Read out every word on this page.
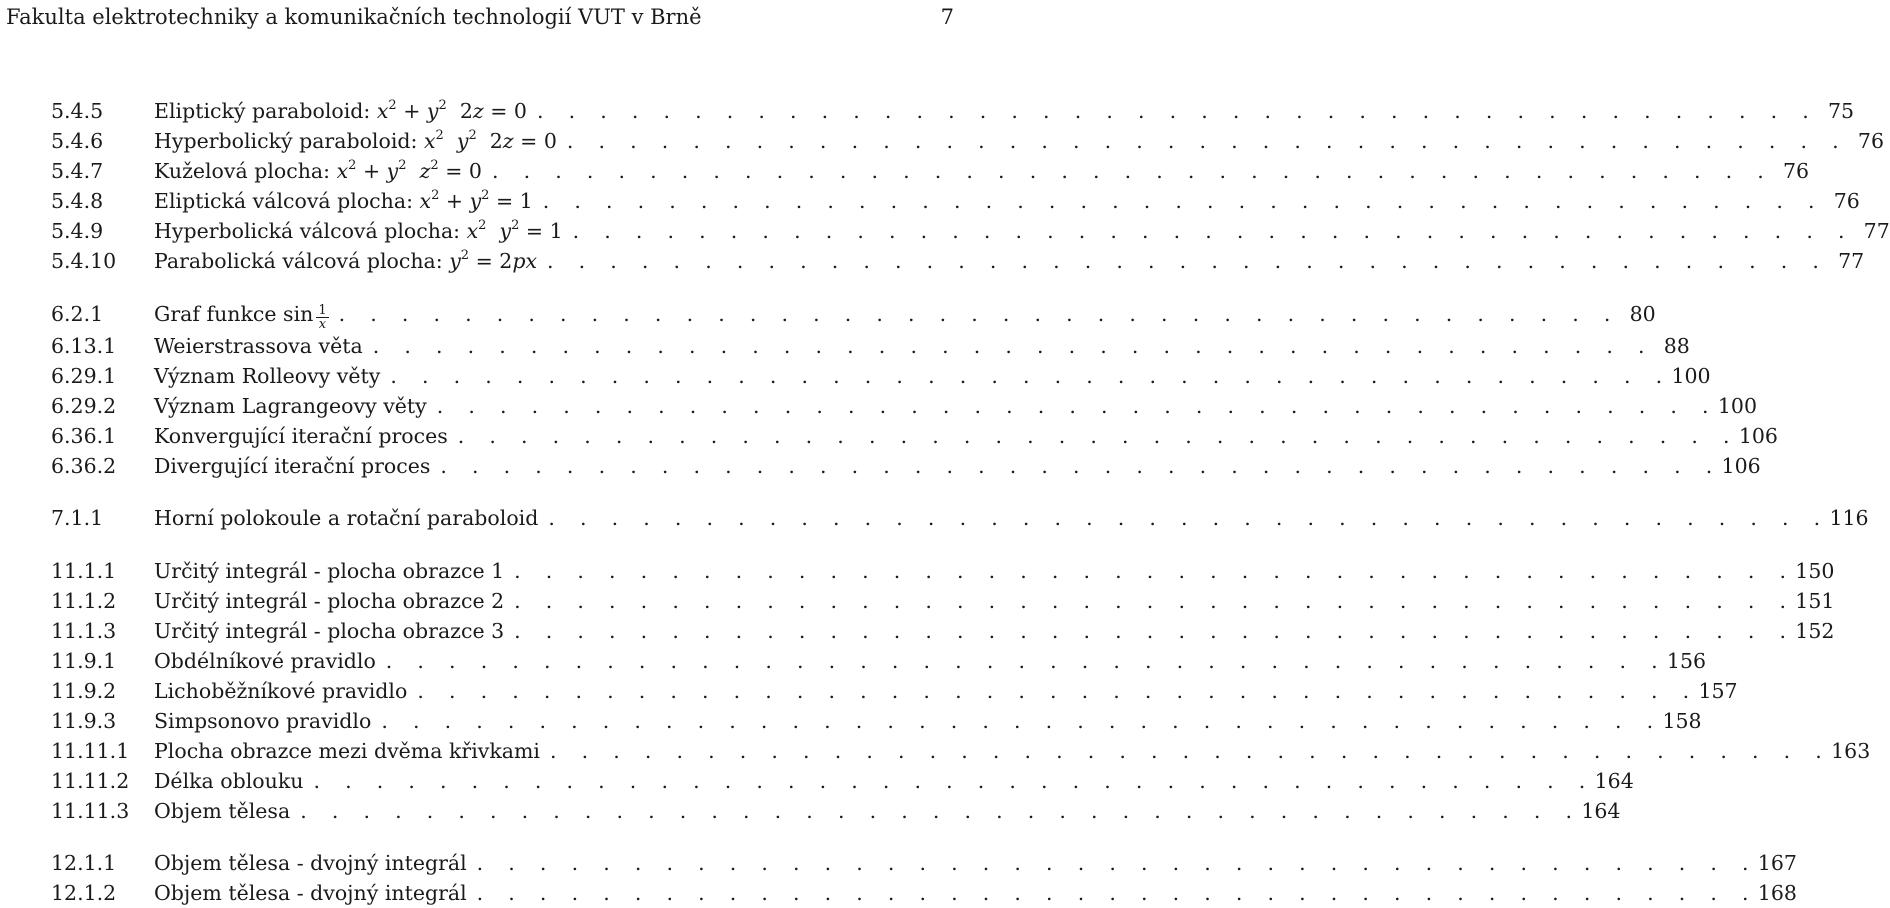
Fakulta elektrotechniky a komunikačních technologií VUT v Brně	7
5.4.5	Eliptický paraboloid: $x^2 + y^2$  2z = 0 . . . . . . . . . . . . . . . . . . . . . . . . . . . . . . . . . . . . . . . . . 75
5.4.6	Hyperbolický paraboloid: $x^2$ $y^2$  2z = 0 . . . . . . . . . . . . . . . . . . . . . . . . . . . . . . . . . . . . . . . . . 76
5.4.7	Kuželová plocha: $x^2 + y^2$ $z^2 = 0$ . . . . . . . . . . . . . . . . . . . . . . . . . . . . . . . . . . . . . . . . . 76
5.4.8	Eliptická válcová plocha: $x^2 + y^2 = 1$ . . . . . . . . . . . . . . . . . . . . . . . . . . . . . . . . . . . . . . . . . 76
5.4.9	Hyperbolická válcová plocha: $x^2$ $y^2 = 1$ . . . . . . . . . . . . . . . . . . . . . . . . . . . . . . . . . . . . . . . . . 77
5.4.10	Parabolická válcová plocha: $y^2 = 2px$ . . . . . . . . . . . . . . . . . . . . . . . . . . . . . . . . . . . . . . . . . 77
6.2.1	Graf funkce $\sin \frac{1}{x}$ . . . . . . . . . . . . . . . . . . . . . . . . . . . . . . . . . . . . . . . . . 80
6.13.1	Weierstrassova věta . . . . . . . . . . . . . . . . . . . . . . . . . . . . . . . . . . . . . . . . . 88
6.29.1	Význam Rolleovy věty . . . . . . . . . . . . . . . . . . . . . . . . . . . . . . . . . . . . . . . . . 100
6.29.2	Význam Lagrangeovy věty . . . . . . . . . . . . . . . . . . . . . . . . . . . . . . . . . . . . . . . . . 100
6.36.1	Konvergující iterační proces . . . . . . . . . . . . . . . . . . . . . . . . . . . . . . . . . . . . . . . . . 106
6.36.2	Divergující iterační proces . . . . . . . . . . . . . . . . . . . . . . . . . . . . . . . . . . . . . . . . . 106
7.1.1	Horní polokoule a rotační paraboloid . . . . . . . . . . . . . . . . . . . . . . . . . . . . . . . . . . . . . . . . . 116
11.1.1	Určitý integrál - plocha obrazce 1 . . . . . . . . . . . . . . . . . . . . . . . . . . . . . . . . . . . . . . . . . 150
11.1.2	Určitý integrál - plocha obrazce 2 . . . . . . . . . . . . . . . . . . . . . . . . . . . . . . . . . . . . . . . . . 151
11.1.3	Určitý integrál - plocha obrazce 3 . . . . . . . . . . . . . . . . . . . . . . . . . . . . . . . . . . . . . . . . . 152
11.9.1	Obdélníkové pravidlo . . . . . . . . . . . . . . . . . . . . . . . . . . . . . . . . . . . . . . . . . 156
11.9.2	Lichoběžníkové pravidlo . . . . . . . . . . . . . . . . . . . . . . . . . . . . . . . . . . . . . . . . . 157
11.9.3	Simpsonovo pravidlo . . . . . . . . . . . . . . . . . . . . . . . . . . . . . . . . . . . . . . . . . 158
11.11.1	Plocha obrazce mezi dvěma křivkami . . . . . . . . . . . . . . . . . . . . . . . . . . . . . . . . . . . . . . . . . 163
11.11.2	Délka oblouku . . . . . . . . . . . . . . . . . . . . . . . . . . . . . . . . . . . . . . . . . 164
11.11.3	Objem tělesa . . . . . . . . . . . . . . . . . . . . . . . . . . . . . . . . . . . . . . . . . 164
12.1.1	Objem tělesa - dvojný integrál . . . . . . . . . . . . . . . . . . . . . . . . . . . . . . . . . . . . . . . . . 167
12.1.2	Objem tělesa - dvojný integrál . . . . . . . . . . . . . . . . . . . . . . . . . . . . . . . . . . . . . . . . . 168
